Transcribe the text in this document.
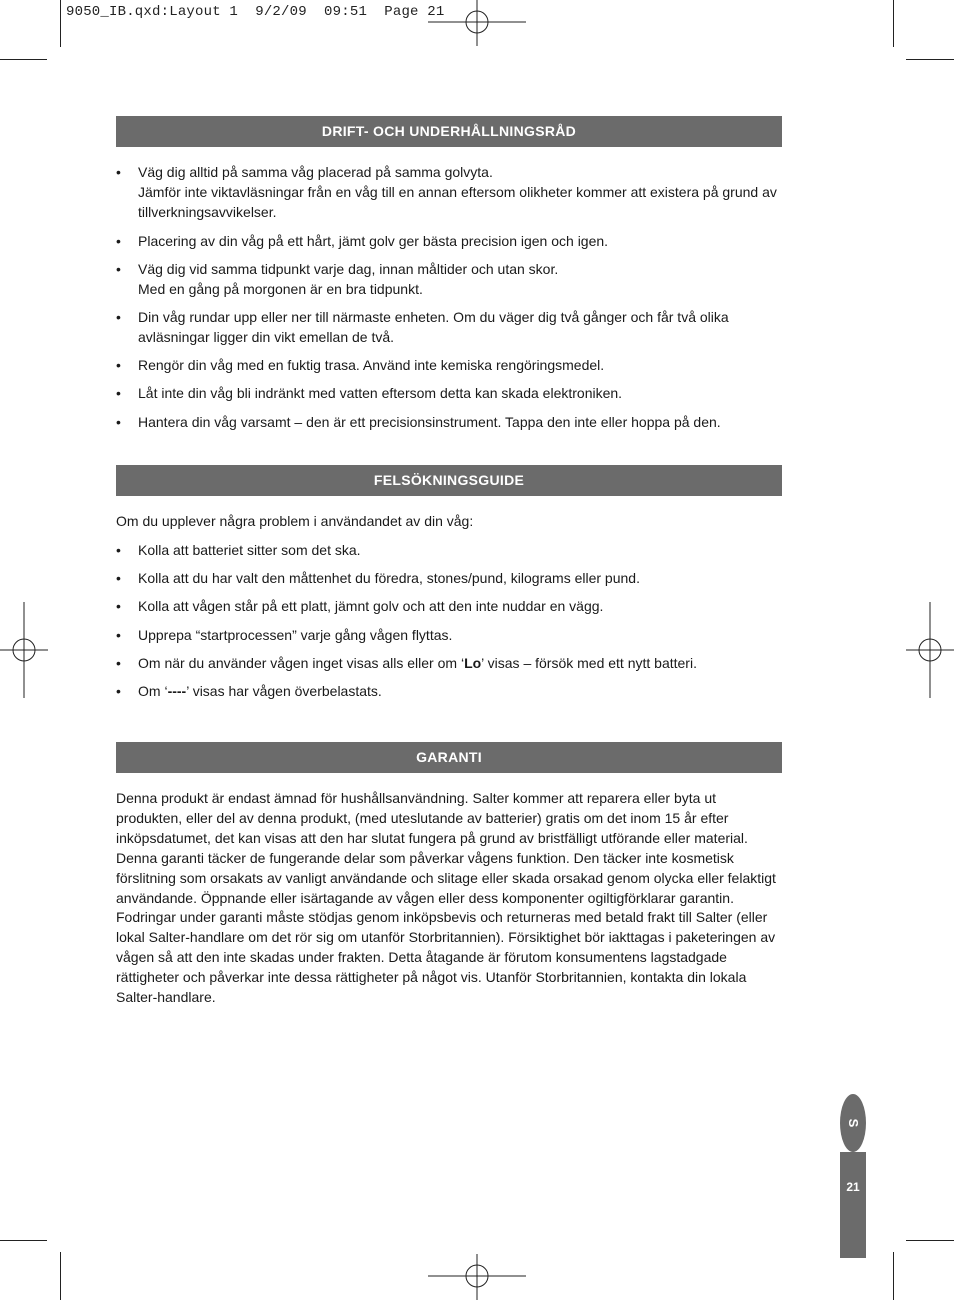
9050_IB.qxd:Layout 1  9/2/09  09:51  Page 21
DRIFT- OCH UNDERHÅLLNINGSRÅD
• Väg dig alltid på samma våg placerad på samma golvyta.
Jämför inte viktavläsningar från en våg till en annan eftersom olikheter kommer att existera på grund av tillverkningsavvikelser.
• Placering av din våg på ett hårt, jämt golv ger bästa precision igen och igen.
• Väg dig vid samma tidpunkt varje dag, innan måltider och utan skor.
Med en gång på morgonen är en bra tidpunkt.
• Din våg rundar upp eller ner till närmaste enheten. Om du väger dig två gånger och får två olika avläsningar ligger din vikt emellan de två.
• Rengör din våg med en fuktig trasa. Använd inte kemiska rengöringsmedel.
• Låt inte din våg bli indränkt med vatten eftersom detta kan skada elektroniken.
• Hantera din våg varsamt – den är ett precisionsinstrument. Tappa den inte eller hoppa på den.
FELSÖKNINGSGUIDE

Om du upplever några problem i användandet av din våg:

• Kolla att batteriet sitter som det ska.
• Kolla att du har valt den måttenhet du föredra, stones/pund, kilograms eller pund.
• Kolla att vågen står på ett platt, jämnt golv och att den inte nuddar en vägg.
• Upprepa “startprocessen” varje gång vågen flyttas.
• Om när du använder vågen inget visas alls eller om ‘Lo’ visas – försök med ett nytt batteri.
• Om ‘----’ visas har vågen överbelastats.
GARANTI

Denna produkt är endast ämnad för hushållsanvändning. Salter kommer att reparera eller byta ut produkten, eller del av denna produkt, (med uteslutande av batterier) gratis om det inom 15 år efter inköpsdatumet, det kan visas att den har slutat fungera på grund av bristfälligt utförande eller material. Denna garanti täcker de fungerande delar som påverkar vågens funktion. Den täcker inte kosmetisk förslitning som orsakats av vanligt användande och slitage eller skada orsakad genom olycka eller felaktigt användande. Öppnande eller isärtagande av vågen eller dess komponenter ogiltigförklarar garantin. Fodringar under garanti måste stödjas genom inköpsbevis och returneras med betald frakt till Salter (eller lokal Salter-handlare om det rör sig om utanför Storbritannien). Försiktighet bör iakttagas i paketeringen av vågen så att den inte skadas under frakten. Detta åtagande är förutom konsumentens lagstadgade rättigheter och påverkar inte dessa rättigheter på något vis. Utanför Storbritannien, kontakta din lokala Salter-handlare.

S
21
